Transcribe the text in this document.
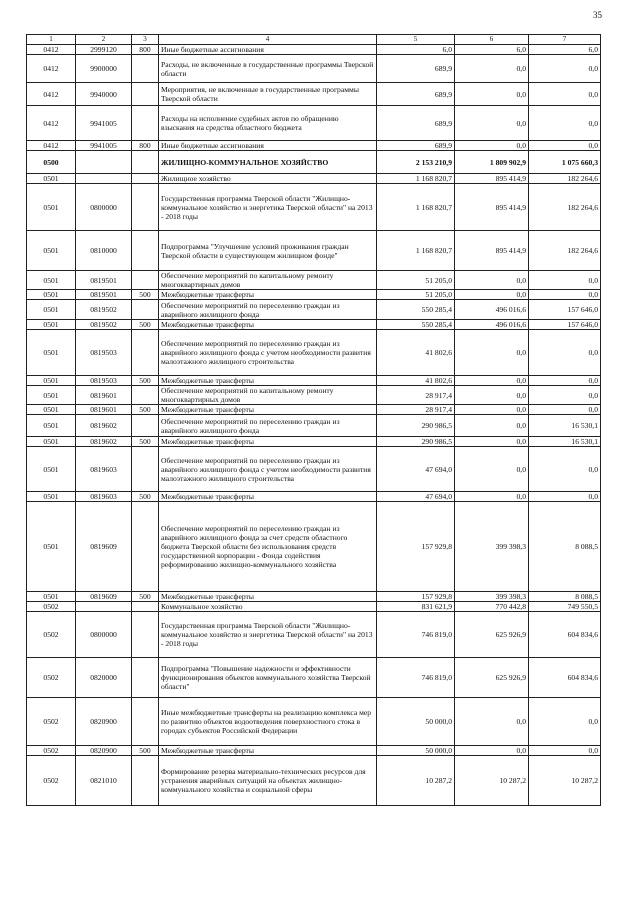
35
1	2	3	4	5	6	7
0412	2999120	800	Иные бюджетные ассигнования	6,0	6,0	6,0
0412	9900000		Расходы, не включенные в государственные программы Тверской области	689,9	0,0	0,0
0412	9940000		Мероприятия, не включенные в государственные программы Тверской области	689,9	0,0	0,0
0412	9941005		Расходы на исполнение судебных актов по обращению взыскания на средства областного бюджета	689,9	0,0	0,0
0412	9941005	800	Иные бюджетные ассигнования	689,9	0,0	0,0
0500			ЖИЛИЩНО-КОММУНАЛЬНОЕ ХОЗЯЙСТВО	2 153 210,9	1 809 902,9	1 075 660,3
0501			Жилищное хозяйство	1 168 820,7	895 414,9	182 264,6
0501	0800000		Государственная программа Тверской области "Жилищно-коммунальное хозяйство и энергетика Тверской области" на 2013 - 2018 годы	1 168 820,7	895 414,9	182 264,6
0501	0810000		Подпрограмма "Улучшение условий проживания граждан Тверской области в существующем жилищном фонде"	1 168 820,7	895 414,9	182 264,6
0501	0819501		Обеспечение мероприятий по капитальному ремонту многоквартирных домов	51 205,0	0,0	0,0
0501	0819501	500	Межбюджетные трансферты	51 205,0	0,0	0,0
0501	0819502		Обеспечение мероприятий по переселению граждан из аварийного жилищного фонда	550 285,4	496 016,6	157 646,0
0501	0819502	500	Межбюджетные трансферты	550 285,4	496 016,6	157 646,0
0501	0819503		Обеспечение мероприятий по переселению граждан из аварийного жилищного фонда с учетом необходимости развития малоэтажного жилищного строительства	41 802,6	0,0	0,0
0501	0819503	500	Межбюджетные трансферты	41 802,6	0,0	0,0
0501	0819601		Обеспечение мероприятий по капитальному ремонту многоквартирных домов	28 917,4	0,0	0,0
0501	0819601	500	Межбюджетные трансферты	28 917,4	0,0	0,0
0501	0819602		Обеспечение мероприятий по переселению граждан из аварийного жилищного фонда	290 986,5	0,0	16 530,1
0501	0819602	500	Межбюджетные трансферты	290 986,5	0,0	16 530,1
0501	0819603		Обеспечение мероприятий по переселению граждан из аварийного жилищного фонда с учетом необходимости развития малоэтажного жилищного строительства	47 694,0	0,0	0,0
0501	0819603	500	Межбюджетные трансферты	47 694,0	0,0	0,0
0501	0819609		Обеспечение мероприятий по переселению граждан из аварийного жилищного фонда за счет средств областного бюджета Тверской области без использования средств государственной корпорации - Фонда содействия реформированию жилищно-коммунального хозяйства	157 929,8	399 398,3	8 088,5
0501	0819609	500	Межбюджетные трансферты	157 929,8	399 398,3	8 088,5
0502			Коммунальное хозяйство	831 621,9	770 442,8	749 550,5
0502	0800000		Государственная программа Тверской области "Жилищно-коммунальное хозяйство и энергетика Тверской области" на 2013 - 2018 годы	746 819,0	625 926,9	604 834,6
0502	0820000		Подпрограмма "Повышение надежности и эффективности функционирования объектов коммунального хозяйства Тверской области"	746 819,0	625 926,9	604 834,6
0502	0820900		Иные межбюджетные трансферты на реализацию комплекса мер по развитию объектов водоотведения поверхностного стока в городах субъектов Российской Федерации	50 000,0	0,0	0,0
0502	0820900	500	Межбюджетные трансферты	50 000,0	0,0	0,0
0502	0821010		Формирование резерва материально-технических ресурсов для устранения аварийных ситуаций на объектах жилищно-коммунального хозяйства и социальной сферы	10 287,2	10 287,2	10 287,2
